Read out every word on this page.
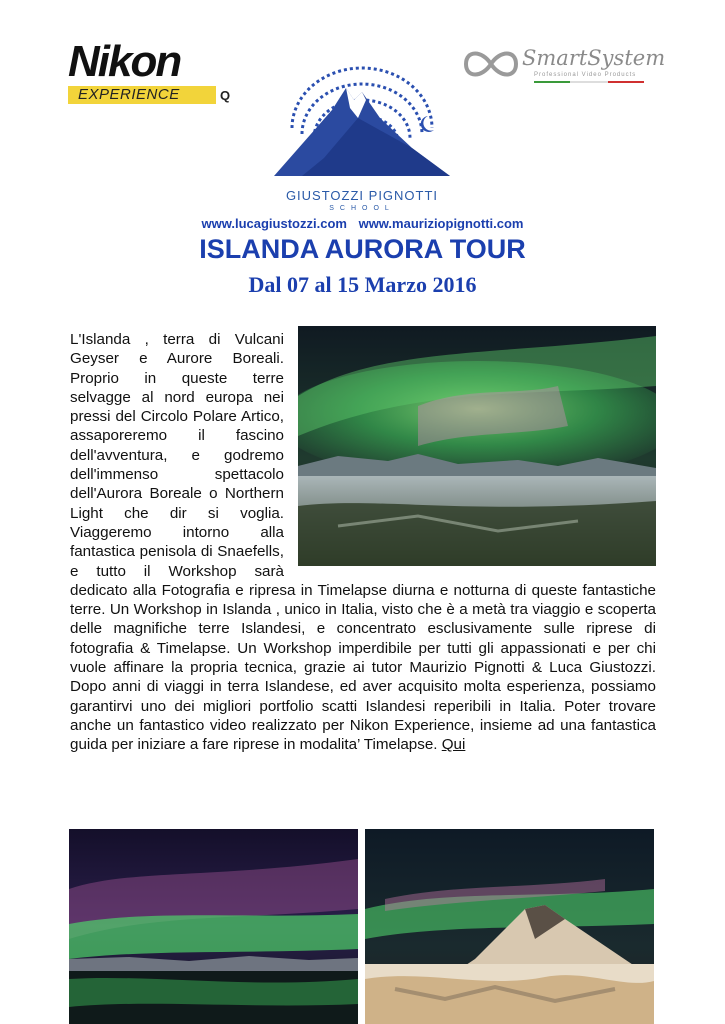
Nikon
EXPERIENCE	Q
GIUSTOZZI PIGNOTTI
SCHOOL
SmartSystem
Professional Video Products
www.lucagiustozzi.com www.mauriziopignotti.com
ISLANDA AURORA TOUR
Dal 07 al 15 Marzo 2016
L'Islanda , terra di Vulcani Geyser e Aurore Boreali. Proprio in queste terre selvagge al nord europa nei pressi del Circolo Polare Artico, assaporeremo il fascino dell'avventura, e godremo dell'immenso spettacolo dell'Aurora Boreale o Northern Light che dir si voglia. Viaggeremo intorno alla fantastica penisola di Snaefells, e tutto il Workshop sarà dedicato alla Fotografia e ripresa in Timelapse diurna e notturna di queste fantastiche terre. Un Workshop in Islanda , unico in Italia, visto che è a metà tra viaggio e scoperta delle magnifiche terre Islandesi, e concentrato esclusivamente sulle riprese di fotografia & Timelapse. Un Workshop imperdibile per tutti gli appassionati e per chi vuole affinare la propria tecnica, grazie ai tutor Maurizio Pignotti & Luca Giustozzi. Dopo anni di viaggi in terra Islandese, ed aver acquisito molta esperienza, possiamo garantirvi uno dei migliori portfolio scatti Islandesi reperibili in Italia. Poter trovare anche un fantastico video realizzato per Nikon Experience, insieme ad una fantastica guida per iniziare a fare riprese in modalita’ Timelapse. Qui
